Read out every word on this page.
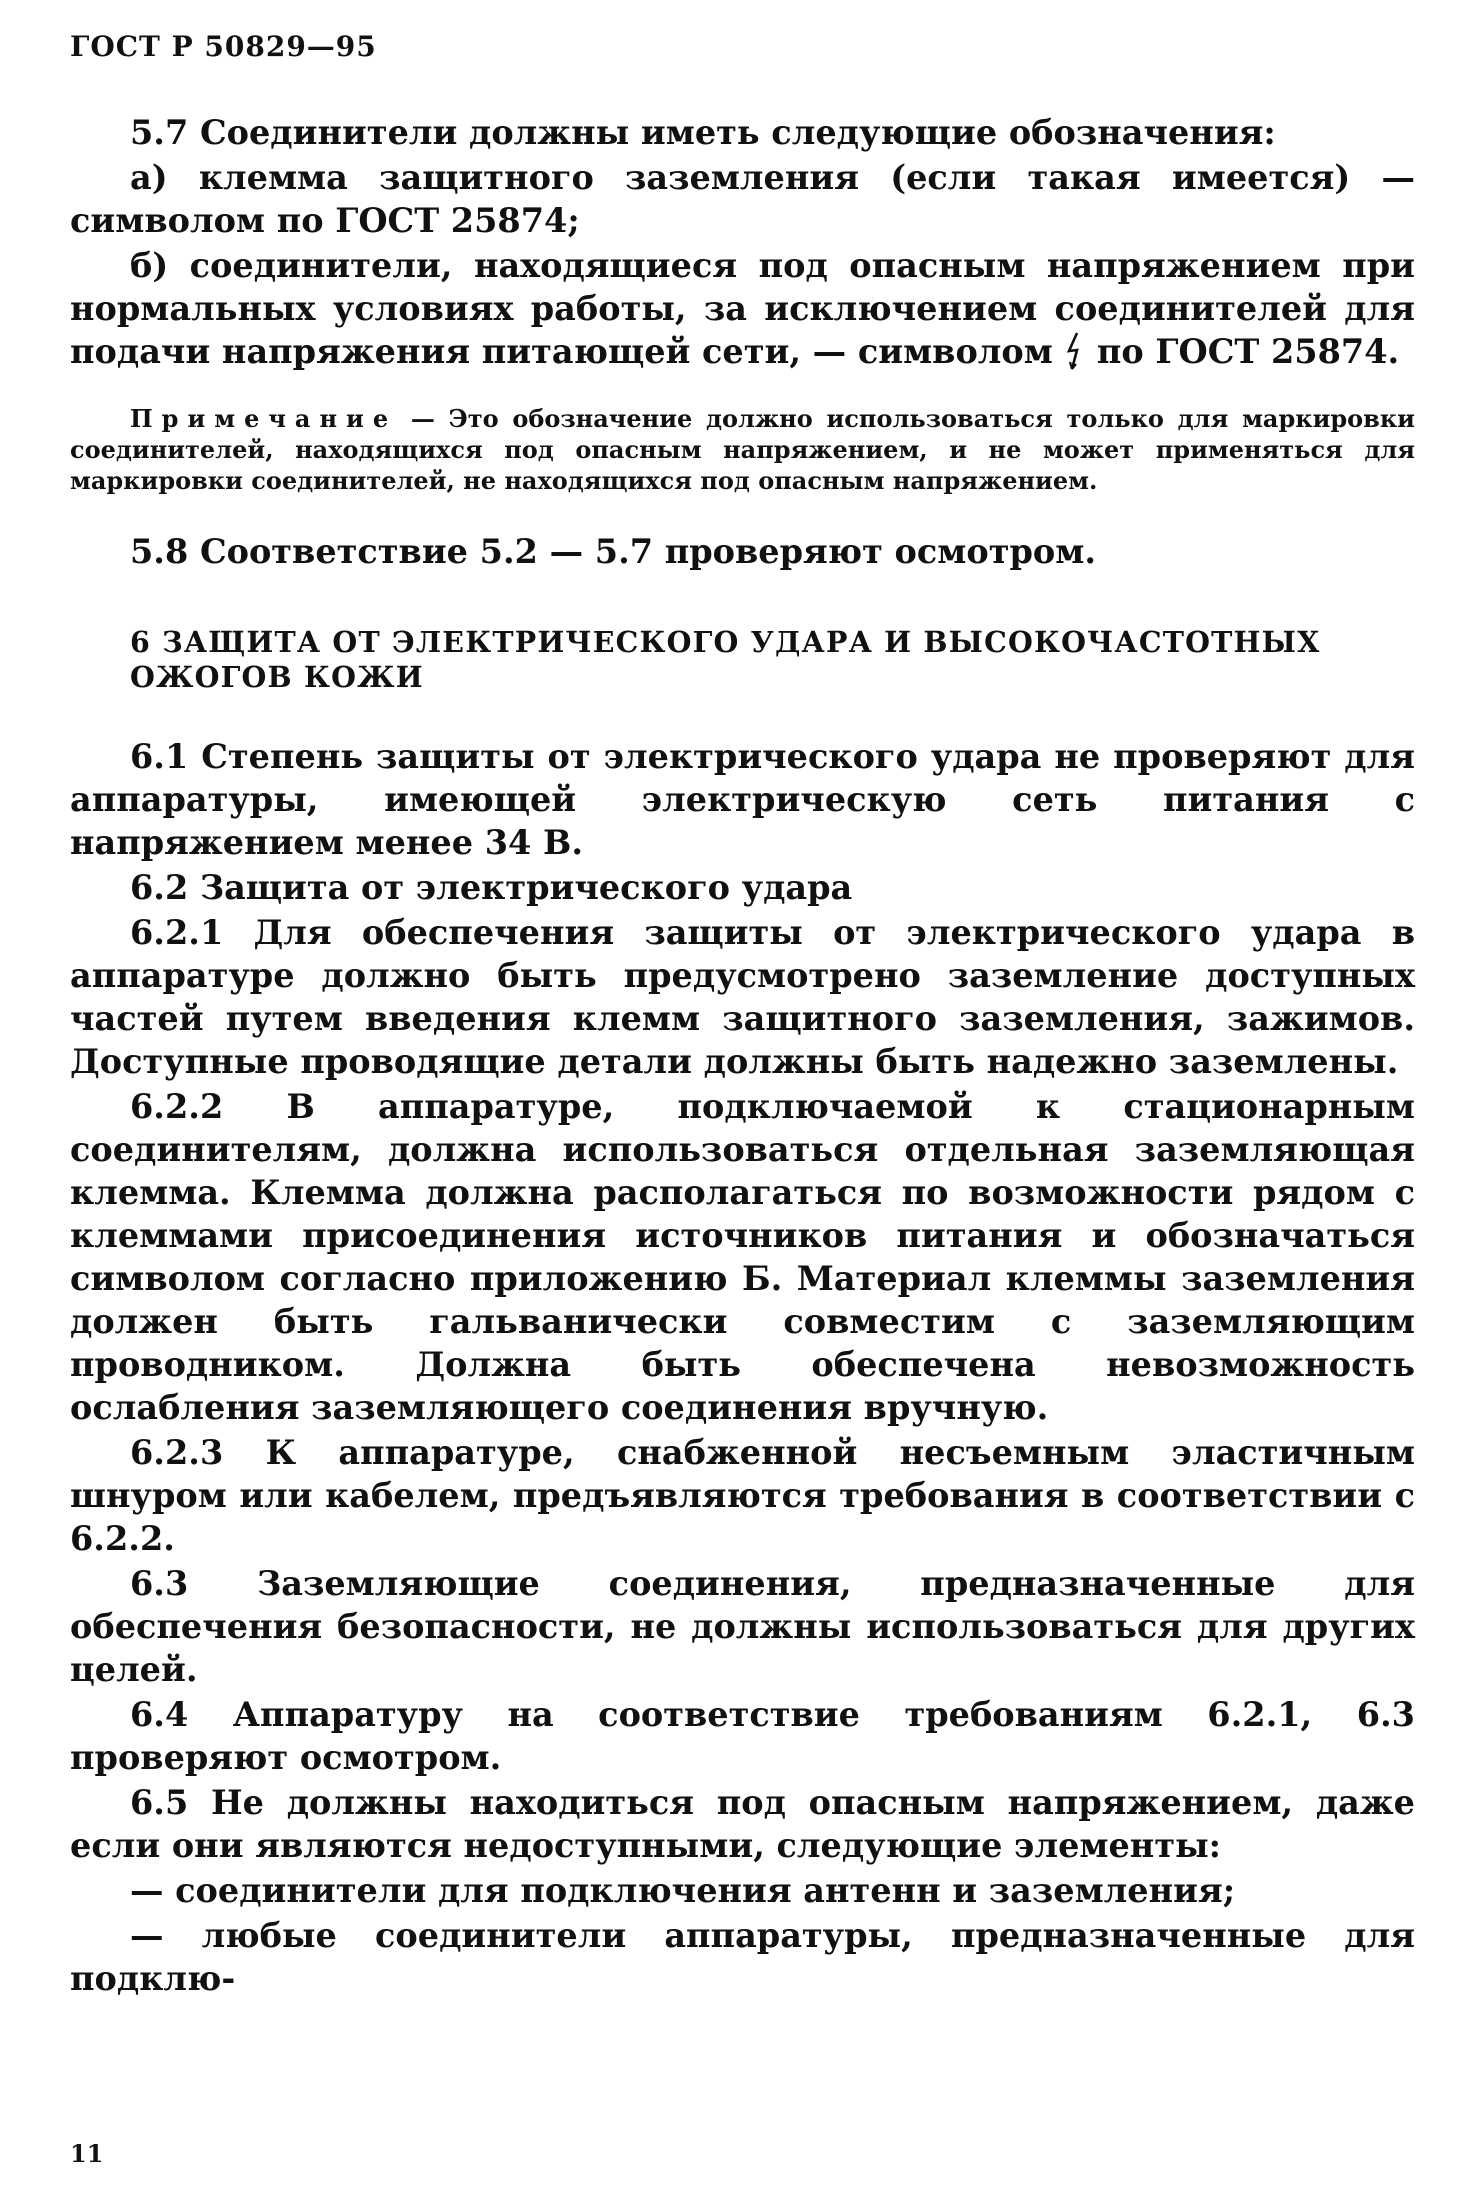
ГОСТ Р 50829—95
5.7 Соединители должны иметь следующие обозначения:
а) клемма защитного заземления (если такая имеется) — символом по ГОСТ 25874;
б) соединители, находящиеся под опасным напряжением при нормальных условиях работы, за исключением соединителей для подачи напряжения питающей сети, — символом по ГОСТ 25874.
Примечание — Это обозначение должно использоваться только для маркировки соединителей, находящихся под опасным напряжением, и не может применяться для маркировки соединителей, не находящихся под опасным напряжением.
5.8 Соответствие 5.2 — 5.7 проверяют осмотром.
6 ЗАЩИТА ОТ ЭЛЕКТРИЧЕСКОГО УДАРА И ВЫСОКОЧАСТОТНЫХ ОЖОГОВ КОЖИ
6.1 Степень защиты от электрического удара не проверяют для аппаратуры, имеющей электрическую сеть питания с напряжением менее 34 В.
6.2 Защита от электрического удара
6.2.1 Для обеспечения защиты от электрического удара в аппаратуре должно быть предусмотрено заземление доступных частей путем введения клемм защитного заземления, зажимов. Доступные проводящие детали должны быть надежно заземлены.
6.2.2 В аппаратуре, подключаемой к стационарным соединителям, должна использоваться отдельная заземляющая клемма. Клемма должна располагаться по возможности рядом с клеммами присоединения источников питания и обозначаться символом согласно приложению Б. Материал клеммы заземления должен быть гальванически совместим с заземляющим проводником. Должна быть обеспечена невозможность ослабления заземляющего соединения вручную.
6.2.3 К аппаратуре, снабженной несъемным эластичным шнуром или кабелем, предъявляются требования в соответствии с 6.2.2.
6.3 Заземляющие соединения, предназначенные для обеспечения безопасности, не должны использоваться для других целей.
6.4 Аппаратуру на соответствие требованиям 6.2.1, 6.3 проверяют осмотром.
6.5 Не должны находиться под опасным напряжением, даже если они являются недоступными, следующие элементы:
— соединители для подключения антенн и заземления;
— любые соединители аппаратуры, предназначенные для подклю-
11
